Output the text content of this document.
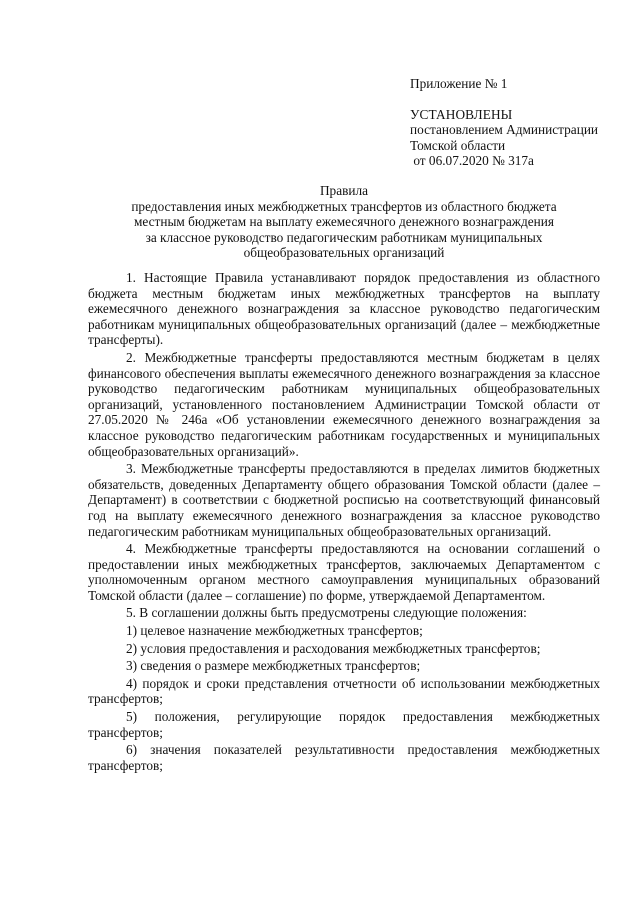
Приложение № 1
УСТАНОВЛЕНЫ
постановлением Администрации
Томской области
от 06.07.2020 № 317а
Правила
предоставления иных межбюджетных трансфертов из областного бюджета
местным бюджетам на выплату ежемесячного денежного вознаграждения
за классное руководство педагогическим работникам муниципальных
общеобразовательных организаций

1. Настоящие Правила устанавливают порядок предоставления из областного бюджета местным бюджетам иных межбюджетных трансфертов на выплату ежемесячного денежного вознаграждения за классное руководство педагогическим работникам муниципальных общеобразовательных организаций (далее – межбюджетные трансферты).

2. Межбюджетные трансферты предоставляются местным бюджетам в целях финансового обеспечения выплаты ежемесячного денежного вознаграждения за классное руководство педагогическим работникам муниципальных общеобразовательных организаций, установленного постановлением Администрации Томской области от 27.05.2020 № 246а «Об установлении ежемесячного денежного вознаграждения за классное руководство педагогическим работникам государственных и муниципальных общеобразовательных организаций».

3. Межбюджетные трансферты предоставляются в пределах лимитов бюджетных обязательств, доведенных Департаменту общего образования Томской области (далее – Департамент) в соответствии с бюджетной росписью на соответствующий финансовый год на выплату ежемесячного денежного вознаграждения за классное руководство педагогическим работникам муниципальных общеобразовательных организаций.

4. Межбюджетные трансферты предоставляются на основании соглашений о предоставлении иных межбюджетных трансфертов, заключаемых Департаментом с уполномоченным органом местного самоуправления муниципальных образований Томской области (далее – соглашение) по форме, утверждаемой Департаментом.

5. В соглашении должны быть предусмотрены следующие положения:

1) целевое назначение межбюджетных трансфертов;

2) условия предоставления и расходования межбюджетных трансфертов;

3) сведения о размере межбюджетных трансфертов;

4) порядок и сроки представления отчетности об использовании межбюджетных трансфертов;

5) положения, регулирующие порядок предоставления межбюджетных трансфертов;

6) значения показателей результативности предоставления межбюджетных трансфертов;
